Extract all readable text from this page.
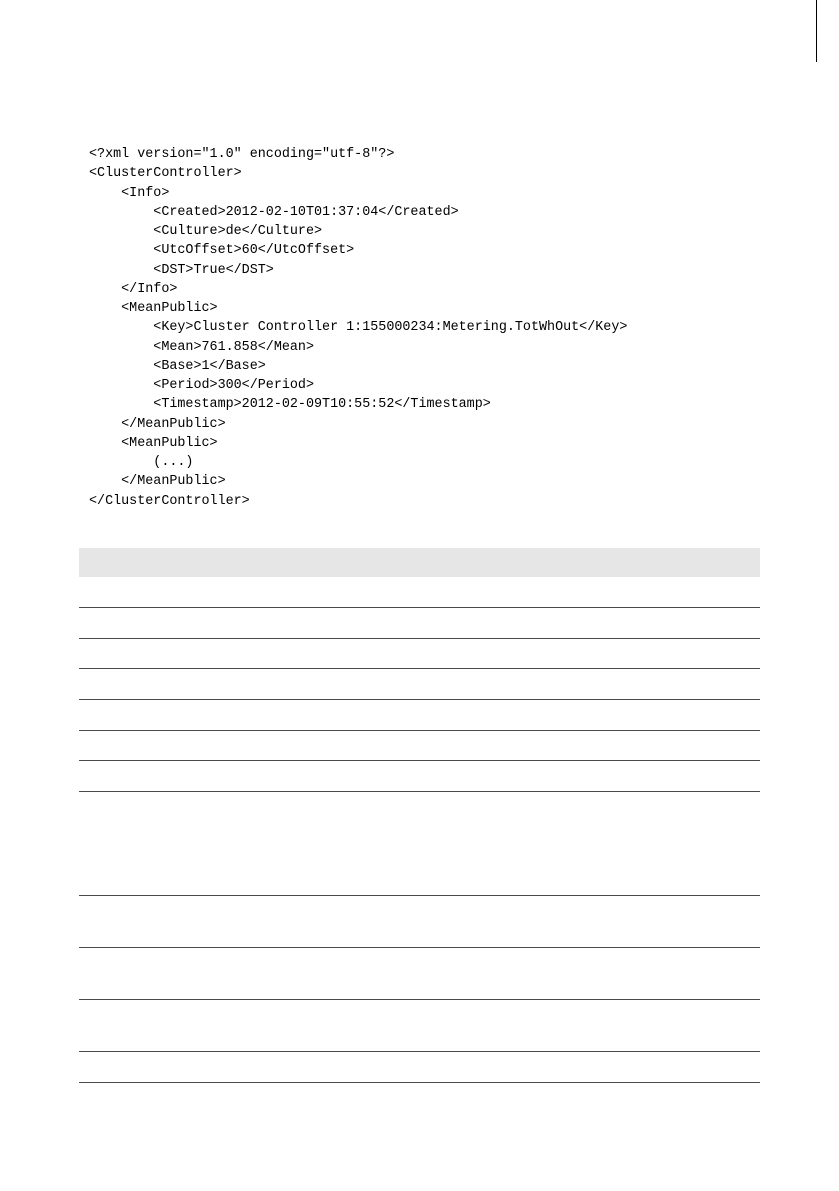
<?xml version="1.0" encoding="utf-8"?>
<ClusterController>
<Info>
<Created>2012-02-10T01:37:04</Created>
<Culture>de</Culture>
<UtcOffset>60</UtcOffset>
<DST>True</DST>
</Info>
<MeanPublic>
<Key>Cluster Controller 1:155000234:Metering.TotWhOut</Key>
<Mean>761.858</Mean>
<Base>1</Base>
<Period>300</Period>
<Timestamp>2012-02-09T10:55:52</Timestamp>
</MeanPublic>
<MeanPublic>
(...)
</MeanPublic>
</ClusterController>
